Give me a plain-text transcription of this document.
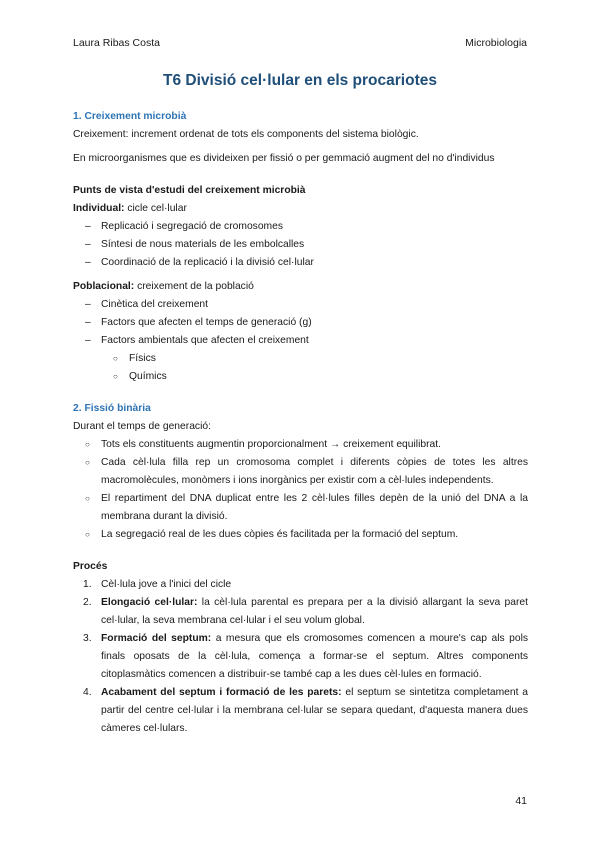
Laura Ribas Costa	Microbiologia
T6 Divisió cel·lular en els procariotes

1. Creixement microbià

Creixement: increment ordenat de tots els components del sistema biològic.

En microorganismes que es divideixen per fissió o per gemmació augment del no d'individus

Punts de vista d'estudi del creixement microbià

Individual: cicle cel·lular

– Replicació i segregació de cromosomes
– Síntesi de nous materials de les embolcalles
– Coordinació de la replicació i la divisió cel·lular

Poblacional: creixement de la població

– Cinètica del creixement
– Factors que afecten el temps de generació (g)
– Factors ambientals que afecten el creixement
○ Físics
○ Químics

2. Fissió binària

Durant el temps de generació:

○ Tots els constituents augmentin proporcionalment → creixement equilibrat.
○ Cada cèl·lula filla rep un cromosoma complet i diferents còpies de totes les altres macromolècules, monòmers i ions inorgànics per existir com a cèl·lules independents.
○ El repartiment del DNA duplicat entre les 2 cèl·lules filles depèn de la unió del DNA a la membrana durant la divisió.
○ La segregació real de les dues còpies és facilitada per la formació del septum.

Procés

1. Cèl·lula jove a l'inici del cicle
2. Elongació cel·lular: la cèl·lula parental es prepara per a la divisió allargant la seva paret cel·lular, la seva membrana cel·lular i el seu volum global.
3. Formació del septum: a mesura que els cromosomes comencen a moure's cap als pols finals oposats de la cèl·lula, comença a formar-se el septum. Altres components citoplasmàtics comencen a distribuir-se també cap a les dues cèl·lules en formació.
4. Acabament del septum i formació de les parets: el septum se sintetitza completament a partir del centre cel·lular i la membrana cel·lular se separa quedant, d'aquesta manera dues càmeres cel·lulars.
41
